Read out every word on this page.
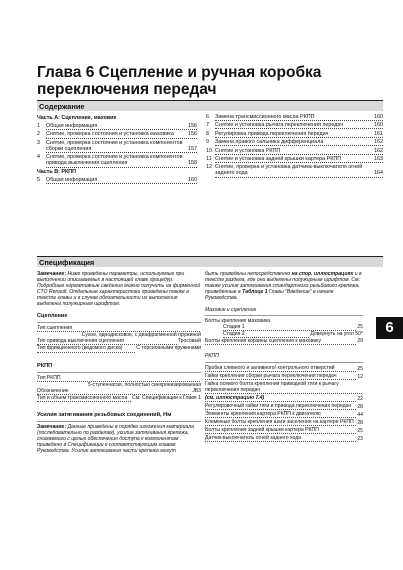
Глава 6 Сцепление и ручная коробка переключения передач
Содержание
Часть А: Сцепление, маховик
1	Общая информация	156
2	Снятие, проверка состояния и установка маховика	156
3	Снятие, проверка состояния и установка компонентов сборки сцепления	157
4	Снятие, проверка состояния и установка компонентов привода выключения сцепления	158
Часть В: РКПП
5	Общая информация	160
6	Замена трансмиссионного масла РКПП	160
7	Снятие и установка рычага переключения передач	160
8	Регулировка привода переключения передач	161
9	Замена правого сальника дифференциала	162
10 Снятие и установка РКПП	162
11 Снятие и установка задней крышки картера РКПП	163
12 Снятие, проверка и установка датчика-выключателя огней заднего хода	164
Спецификация

Замечание: Ниже приведены параметры, используемые при выполнении описываемых в настоящей главе процедур. Подробные нормативные сведения можно получить на фирменной СТО Renault. Отдельные характеристики приведены также в тексте главы и в случае обязательности их выполнения выделены полужирным шрифтом.

Сцепление
Тип сцепления
Сухое, однодисковое, с диафрагменной пружиной
Тип привода выключения сцепления	Тросовый
Тип фрикционного (ведомого диска)	С торсионными пружинами
РКПП
Тип РКПП
5-ступенчатая, полностью синхронизированная
Обозначение	JB3
Тип и объем трансмиссионного масла См. Спецификации к Главе 1
Усилия затягивания резьбовых соединений, Нм

Замечание: Данные приведены в порядке изложения материала (последовательно по разделам), усилие затягивания крепежа, снимаемого с целью обеспечения доступа к компонентам приведено в Спецификации к соответствующим главам Руководства. Усилие затягивания части крепежа могут

быть приведены непосредственно на спор. иллюстрациях и в тексте раздела, где они выделены полужирным шрифтом. См. также усилия затягивания стандартного резьбового крепежа, приведенные в Таблице 1 Главы "Введение" в начале Руководства.

Маховик и сцепление
Болты крепления маховика
Стадия 1	25
Стадия 2	Довернуть на угол 50°
Болты крепления корзины сцепления к маховику	29
РКПП
Пробки сливного и заливного/ контрольного отверстий	25
Гайки крепления сборки рычага переключения передач	12
Гайка осевого болта крепления приводной тяги к рычагу переключения передач
(см. иллюстрацию 7.4)	22
Регулировочный гайки тяги и привода переключения передач	28
Элементы крепления картера РКПП к двигателю	44
Клеммные болты крепления шаги заселения на картере РКПП 28
Болты крепления задней крышки картера РКПП	25
Датчик-выключатель огней заднего хода	23
6
